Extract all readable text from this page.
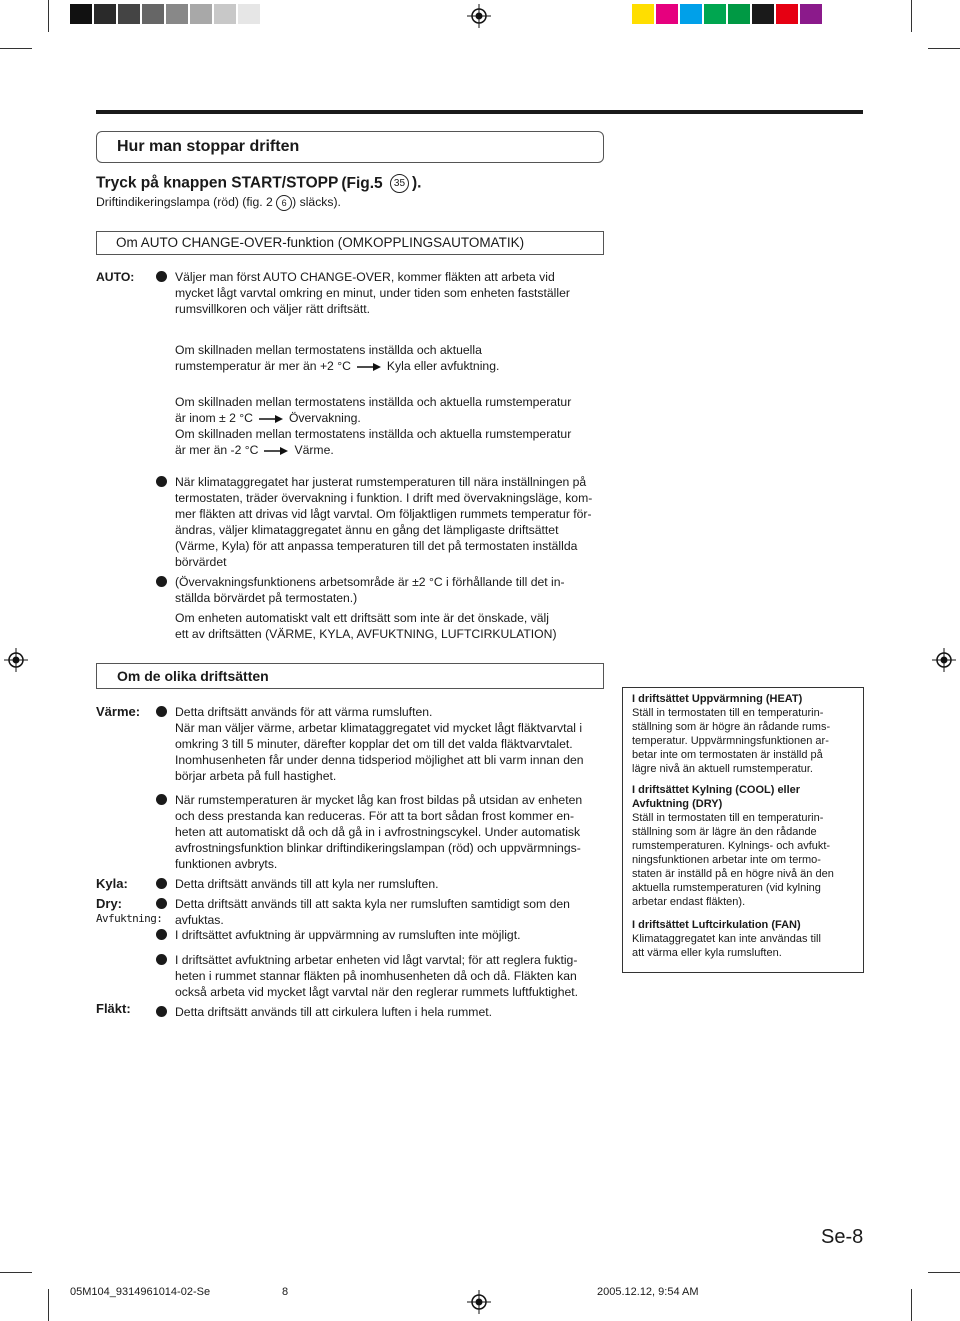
Hur man stoppar driften
Tryck på knappen START/STOPP (Fig.5 35 ).
Driftindikeringslampa (röd) (fig. 2 6 ) släcks).
Om AUTO CHANGE-OVER-funktion (OMKOPPLINGSAUTOMATIK)
AUTO:	Väljer man först AUTO CHANGE-OVER, kommer fläkten att arbeta vid
mycket lågt varvtal omkring en minut, under tiden som enheten fastställer
rumsvillkoren och väljer rätt driftsätt.
Om skillnaden mellan termostatens inställda och aktuella
rumstemperatur är mer än +2 °C	Kyla eller avfuktning.
Om skillnaden mellan termostatens inställda och aktuella rumstemperatur
är inom ± 2 °C	Övervakning.
Om skillnaden mellan termostatens inställda och aktuella rumstemperatur
är mer än -2 °C	Värme.
När klimataggregatet har justerat rumstemperaturen till nära inställningen på
termostaten, träder övervakning i funktion. I drift med övervakningsläge, kom-
mer fläkten att drivas vid lågt varvtal. Om följaktligen rummets temperatur för-
ändras, väljer klimataggregatet ännu en gång det lämpligaste driftsättet
(Värme, Kyla) för att anpassa temperaturen till det på termostaten inställda
börvärdet
(Övervakningsfunktionens arbetsområde är ±2 °C i förhållande till det in-
ställda börvärdet på termostaten.)
Om enheten automatiskt valt ett driftsätt som inte är det önskade, välj
ett av driftsätten (VÄRME, KYLA, AVFUKTNING, LUFTCIRKULATION)
Om de olika driftsätten
Värme:	Detta driftsätt används för att värma rumsluften.
När man väljer värme, arbetar klimataggregatet vid mycket lågt fläktvarvtal i
omkring 3 till 5 minuter, därefter kopplar det om till det valda fläktvarvtalet.
Inomhusenheten får under denna tidsperiod möjlighet att bli varm innan den
börjar arbeta på full hastighet.
När rumstemperaturen är mycket låg kan frost bildas på utsidan av enheten
och dess prestanda kan reduceras. För att ta bort sådan frost kommer en-
heten att automatiskt då och då gå in i avfrostningscykel. Under automatisk
avfrostningsfunktion blinkar driftindikeringslampan (röd) och uppvärmnings-
funktionen avbryts.
Kyla:	Detta driftsätt används till att kyla ner rumsluften.
Dry:
Avfuktning:
Detta driftsätt används till att sakta kyla ner rumsluften samtidigt som den
avfuktas.
I driftsättet avfuktning är uppvärmning av rumsluften inte möjligt.
I driftsättet avfuktning arbetar enheten vid lågt varvtal; för att reglera fuktig-
heten i rummet stannar fläkten på inomhusenheten då och då. Fläkten kan
också arbeta vid mycket lågt varvtal när den reglerar rummets luftfuktighet.
Fläkt:	Detta driftsätt används till att cirkulera luften i hela rummet.
I driftsättet Uppvärmning (HEAT)
Ställ in termostaten till en temperaturin-
ställning som är högre än rådande rums-
temperatur. Uppvärmningsfunktionen ar-
betar inte om termostaten är inställd på
lägre nivå än aktuell rumstemperatur.
I driftsättet Kylning (COOL) eller
Avfuktning (DRY)
Ställ in termostaten till en temperaturin-
ställning som är lägre än den rådande
rumstemperaturen. Kylnings- och avfukt-
ningsfunktionen arbetar inte om termo-
staten är inställd på en högre nivå än den
aktuella rumstemperaturen (vid kylning
arbetar endast fläkten).
I driftsättet Luftcirkulation (FAN)
Klimataggregatet kan inte användas till
att värma eller kyla rumsluften.
Se-8
05M104_9314961014-02-Se	8	2005.12.12, 9:54 AM
